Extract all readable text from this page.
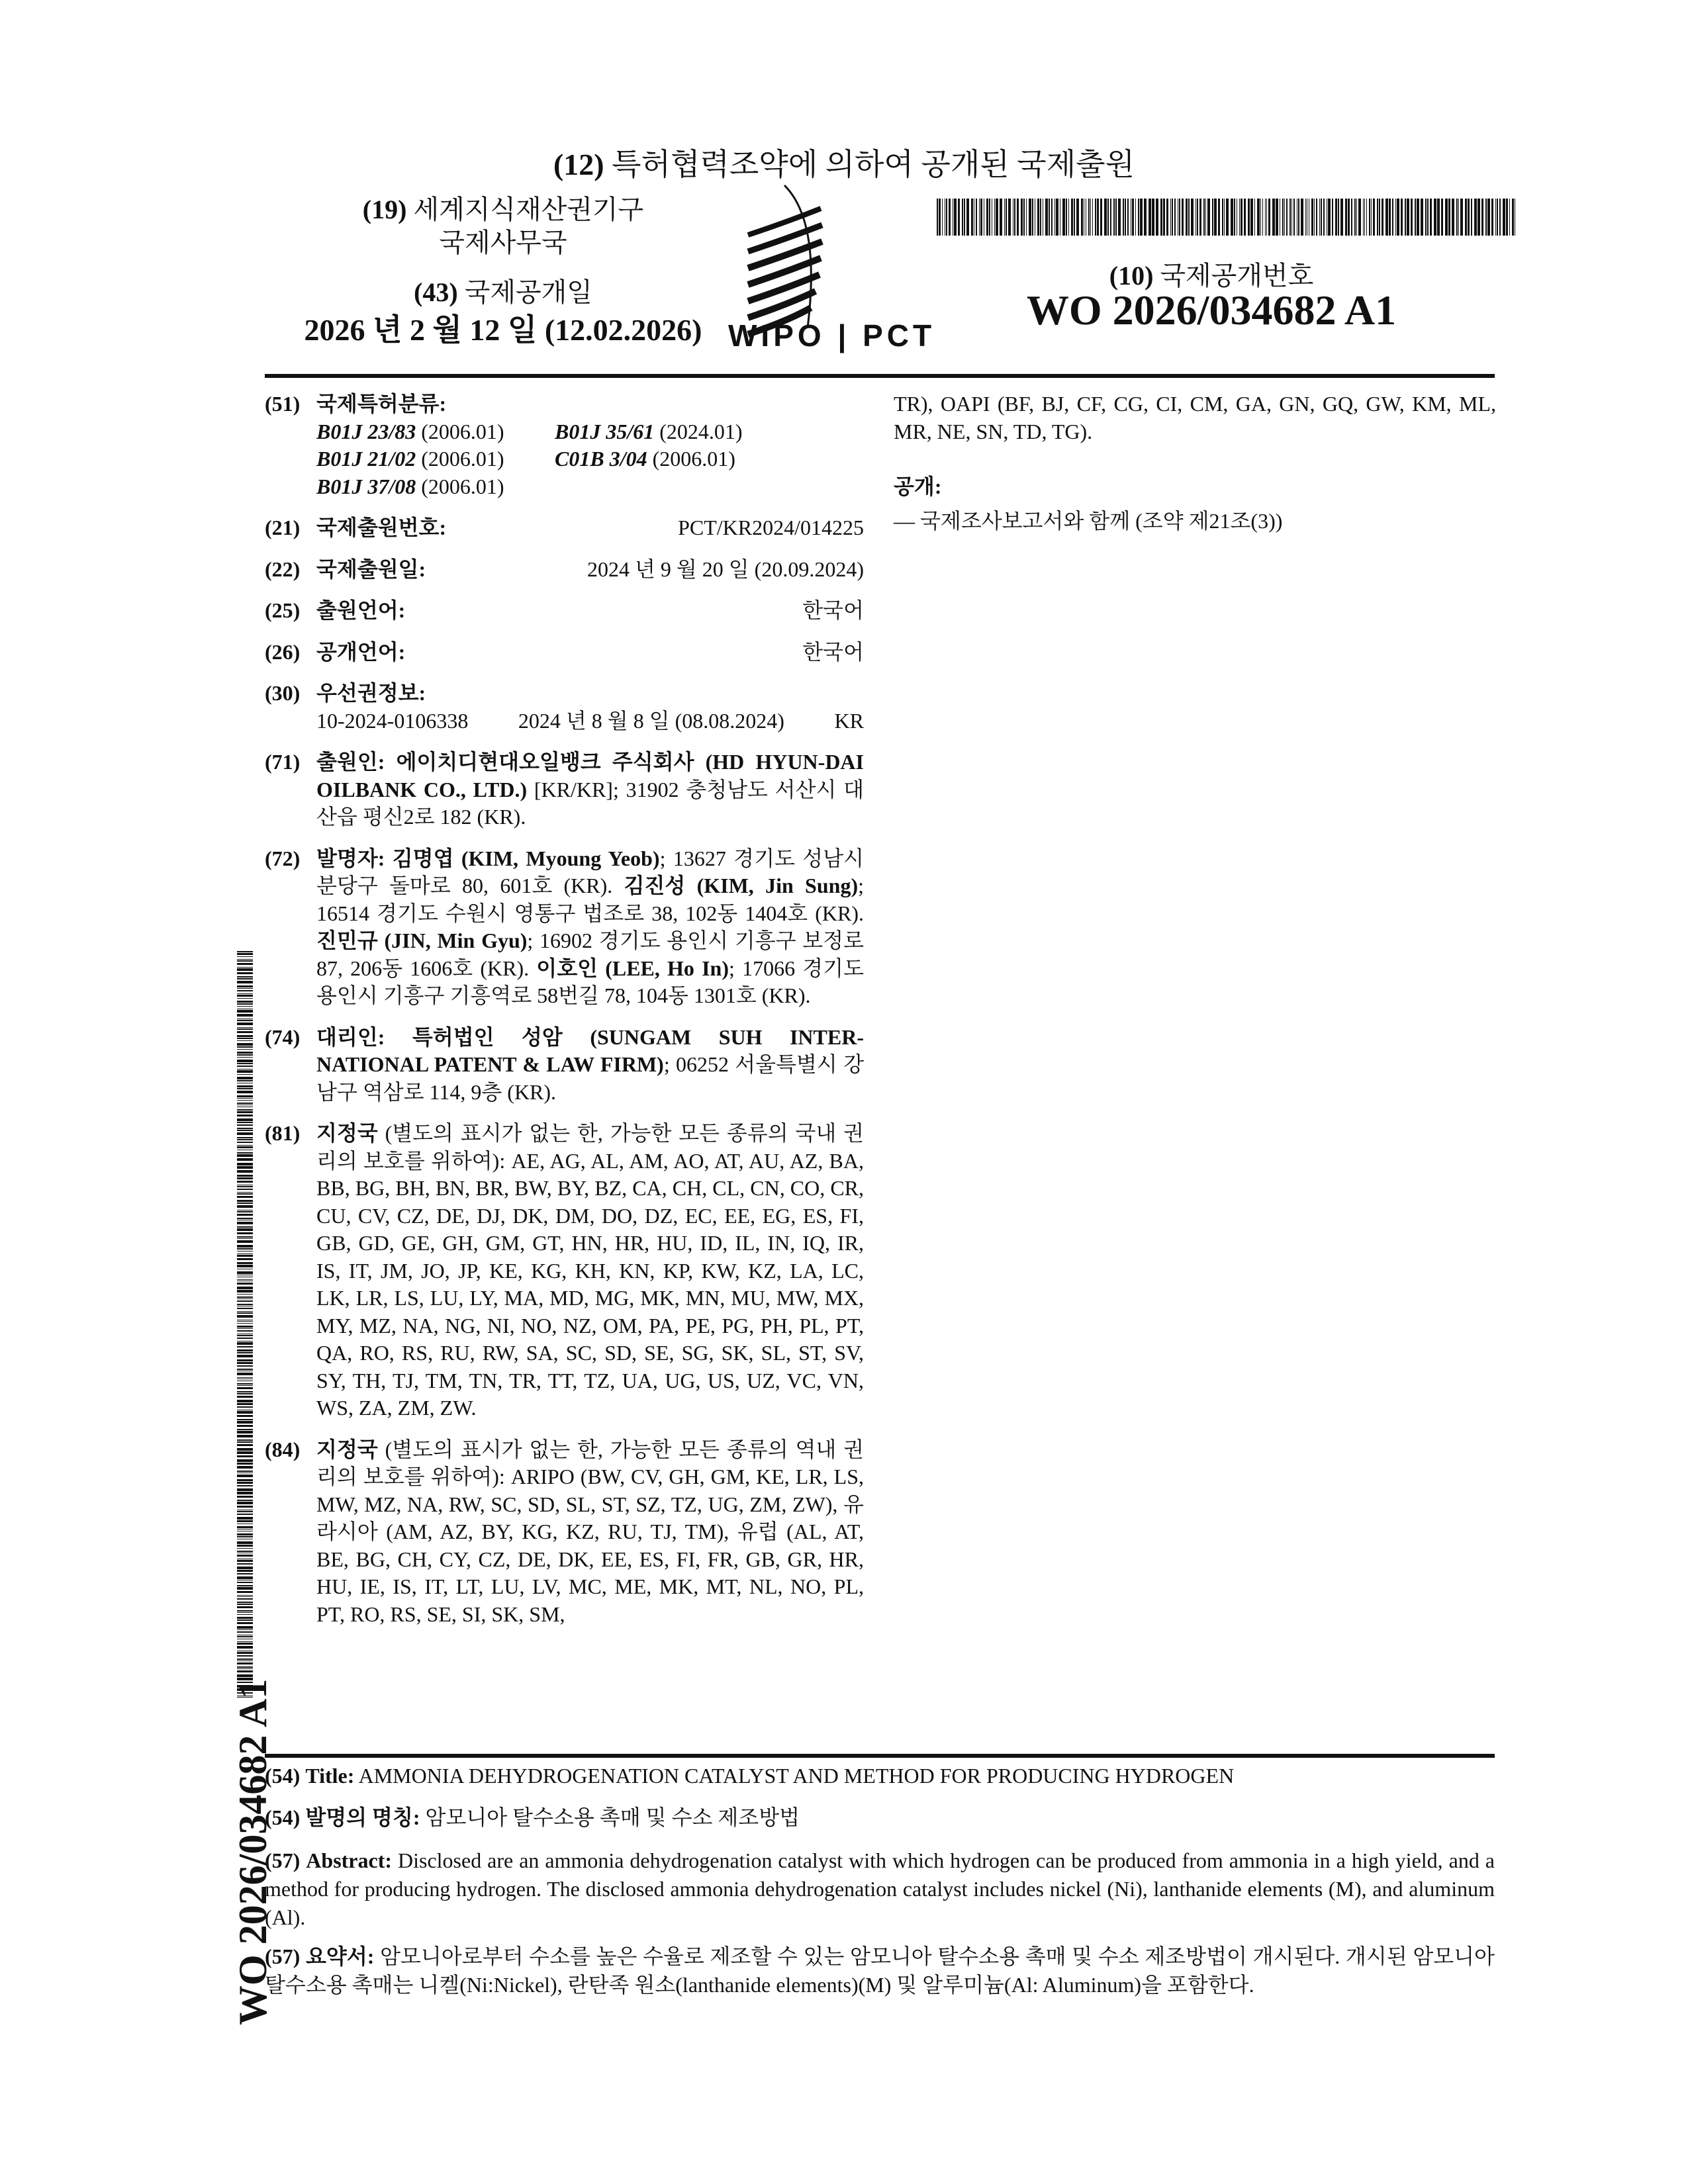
(12) 특허협력조약에 의하여 공개된 국제출원
(19) 세계지식재산권기구
국제사무국
(43) 국제공개일
2026 년 2 월 12 일 (12.02.2026) WIPO | PCT
(10) 국제공개번호
WO 2026/034682 A1
(51) 국제특허분류:
B01J 23/83 (2006.01)	B01J 35/61 (2024.01)
B01J 21/02 (2006.01)	C01B 3/04 (2006.01)
B01J 37/08 (2006.01)
(21) 국제출원번호:	PCT/KR2024/014225
(22) 국제출원일:	2024 년 9 월 20 일 (20.09.2024)
(25) 출원언어:	한국어
(26) 공개언어:	한국어
(30) 우선권정보:
10-2024-0106338 2024 년 8 월 8 일 (08.08.2024) KR
(71) 출원인: 에이치디현대오일뱅크 주식회사 (HD HYUN-DAI OILBANK CO., LTD.) [KR/KR]; 31902 충청남도 서산시 대산읍 평신2로 182 (KR).
(72) 발명자: 김명엽 (KIM, Myoung Yeob); 13627 경기도 성남시 분당구 돌마로 80, 601호 (KR). 김진성 (KIM, Jin Sung); 16514 경기도 수원시 영통구 법조로 38, 102동 1404호 (KR). 진민규 (JIN, Min Gyu); 16902 경기도 용인시 기흥구 보정로 87, 206동 1606호 (KR). 이호인 (LEE, Ho In); 17066 경기도 용인시 기흥구 기흥역로 58번길 78, 104동 1301호 (KR).
(74) 대리인: 특허법인 성암 (SUNGAM SUH INTER-NATIONAL PATENT & LAW FIRM); 06252 서울특별시 강남구 역삼로 114, 9층 (KR).
(81) 지정국 (별도의 표시가 없는 한, 가능한 모든 종류의 국내 권리의 보호를 위하여): AE, AG, AL, AM, AO, AT, AU, AZ, BA, BB, BG, BH, BN, BR, BW, BY, BZ, CA, CH, CL, CN, CO, CR, CU, CV, CZ, DE, DJ, DK, DM, DO, DZ, EC, EE, EG, ES, FI, GB, GD, GE, GH, GM, GT, HN, HR, HU, ID, IL, IN, IQ, IR, IS, IT, JM, JO, JP, KE, KG, KH, KN, KP, KW, KZ, LA, LC, LK, LR, LS, LU, LY, MA, MD, MG, MK, MN, MU, MW, MX, MY, MZ, NA, NG, NI, NO, NZ, OM, PA, PE, PG, PH, PL, PT, QA, RO, RS, RU, RW, SA, SC, SD, SE, SG, SK, SL, ST, SV, SY, TH, TJ, TM, TN, TR, TT, TZ, UA, UG, US, UZ, VC, VN, WS, ZA, ZM, ZW.
(84) 지정국 (별도의 표시가 없는 한, 가능한 모든 종류의 역내 권리의 보호를 위하여): ARIPO (BW, CV, GH, GM, KE, LR, LS, MW, MZ, NA, RW, SC, SD, SL, ST, SZ, TZ, UG, ZM, ZW), 유라시아 (AM, AZ, BY, KG, KZ, RU, TJ, TM), 유럽 (AL, AT, BE, BG, CH, CY, CZ, DE, DK, EE, ES, FI, FR, GB, GR, HR, HU, IE, IS, IT, LT, LU, LV, MC, ME, MK, MT, NL, NO, PL, PT, RO, RS, SE, SI, SK, SM,
TR), OAPI (BF, BJ, CF, CG, CI, CM, GA, GN, GQ, GW, KM, ML, MR, NE, SN, TD, TG).
공개:
— 국제조사보고서와 함께 (조약 제21조(3))
WO 2026/034682 A1
(54) Title: AMMONIA DEHYDROGENATION CATALYST AND METHOD FOR PRODUCING HYDROGEN
(54) 발명의 명칭: 암모니아 탈수소용 촉매 및 수소 제조방법
(57) Abstract: Disclosed are an ammonia dehydrogenation catalyst with which hydrogen can be produced from ammonia in a high yield, and a method for producing hydrogen. The disclosed ammonia dehydrogenation catalyst includes nickel (Ni), lanthanide elements (M), and aluminum (Al).
(57) 요약서: 암모니아로부터 수소를 높은 수율로 제조할 수 있는 암모니아 탈수소용 촉매 및 수소 제조방법이 개시된다. 개시된 암모니아 탈수소용 촉매는 니켈(Ni:Nickel), 란탄족 원소(lanthanide elements)(M) 및 알루미늄(Al: Aluminum)을 포함한다.
